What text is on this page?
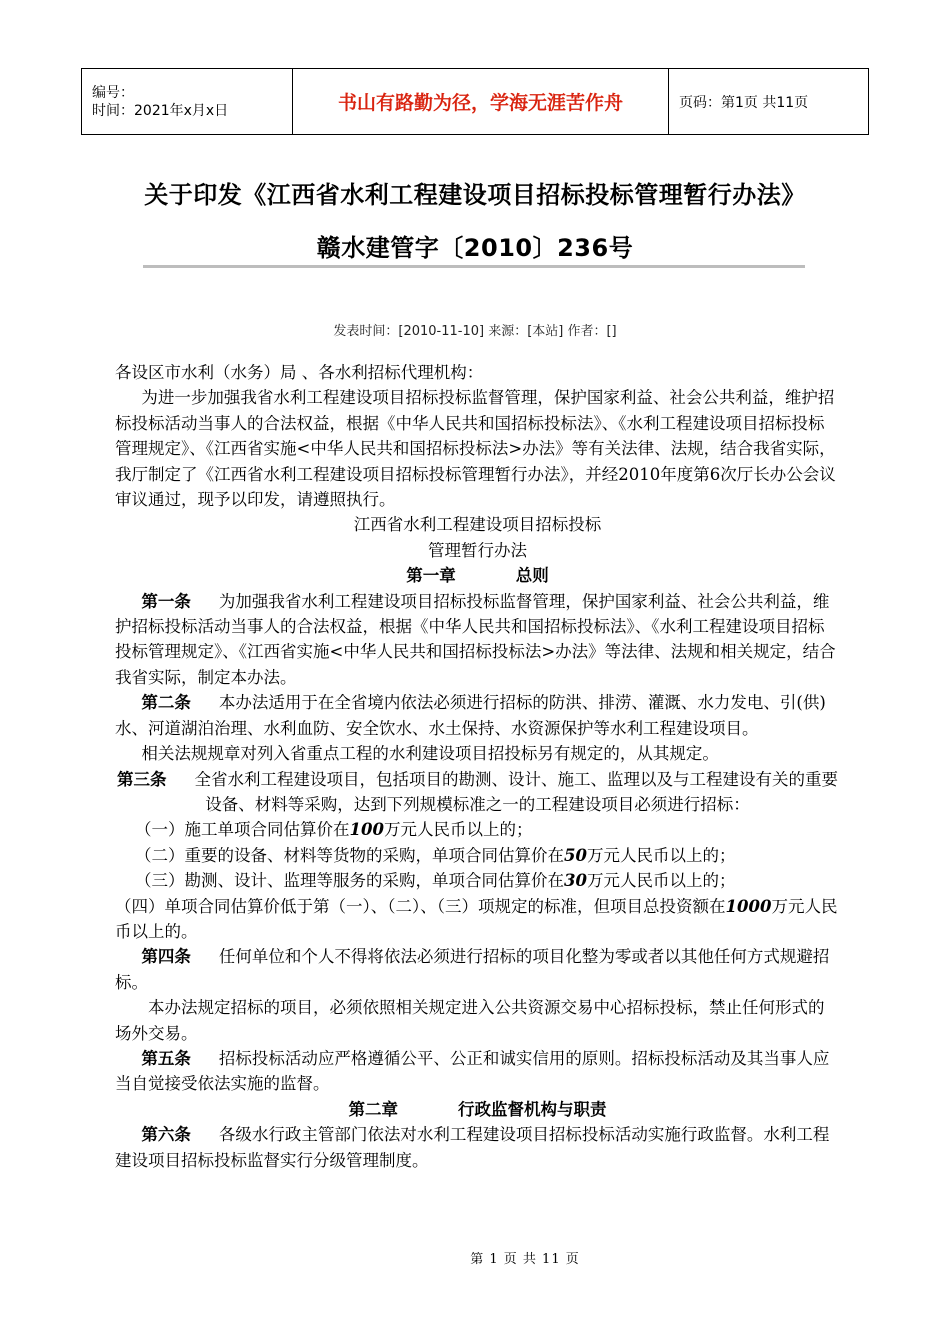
编号：
时间：2021年x月x日	书山有路勤为径，学海无涯苦作舟	页码：第1页 共11页
关于印发《江西省水利工程建设项目招标投标管理暂行办法》
赣水建管字〔2010〕236号
发表时间：[2010-11-10] 来源：[本站] 作者：[]

各设区市水利（水务）局 、各水利招标代理机构：

为进一步加强我省水利工程建设项目招标投标监督管理，保护国家利益、社会公共利益，维护招标投标活动当事人的合法权益，根据《中华人民共和国招标投标法》、《水利工程建设项目招标投标管理规定》、《江西省实施<中华人民共和国招标投标法>办法》等有关法律、法规，结合我省实际，我厅制定了《江西省水利工程建设项目招标投标管理暂行办法》，并经2010年度第6次厅长办公会议审议通过，现予以印发，请遵照执行。

江西省水利工程建设项目招标投标

管理暂行办法

第一章	总则

第一条 为加强我省水利工程建设项目招标投标监督管理，保护国家利益、社会公共利益，维护招标投标活动当事人的合法权益，根据《中华人民共和国招标投标法》、《水利工程建设项目招标投标管理规定》、《江西省实施<中华人民共和国招标投标法>办法》等法律、法规和相关规定，结合我省实际，制定本办法。

第二条 本办法适用于在全省境内依法必须进行招标的防洪、排涝、灌溉、水力发电、引(供)水、河道湖泊治理、水利血防、安全饮水、水土保持、水资源保护等水利工程建设项目。

相关法规规章对列入省重点工程的水利建设项目招投标另有规定的，从其规定。

第三条 全省水利工程建设项目，包括项目的勘测、设计、施工、监理以及与工程建设有关的重要设备、材料等采购，达到下列规模标准之一的工程建设项目必须进行招标：

（一）施工单项合同估算价在100万元人民币以上的；

（二）重要的设备、材料等货物的采购，单项合同估算价在50万元人民币以上的；

（三）勘测、设计、监理等服务的采购，单项合同估算价在30万元人民币以上的；

（四）单项合同估算价低于第（一）、（二）、（三）项规定的标准，但项目总投资额在1000万元人民币以上的。

第四条 任何单位和个人不得将依法必须进行招标的项目化整为零或者以其他任何方式规避招标。

本办法规定招标的项目，必须依照相关规定进入公共资源交易中心招标投标，禁止任何形式的场外交易。

第五条 招标投标活动应严格遵循公平、公正和诚实信用的原则。招标投标活动及其当事人应当自觉接受依法实施的监督。

第二章	行政监督机构与职责

第六条 各级水行政主管部门依法对水利工程建设项目招标投标活动实施行政监督。水利工程建设项目招标投标监督实行分级管理制度。

第 1 页 共 11 页
